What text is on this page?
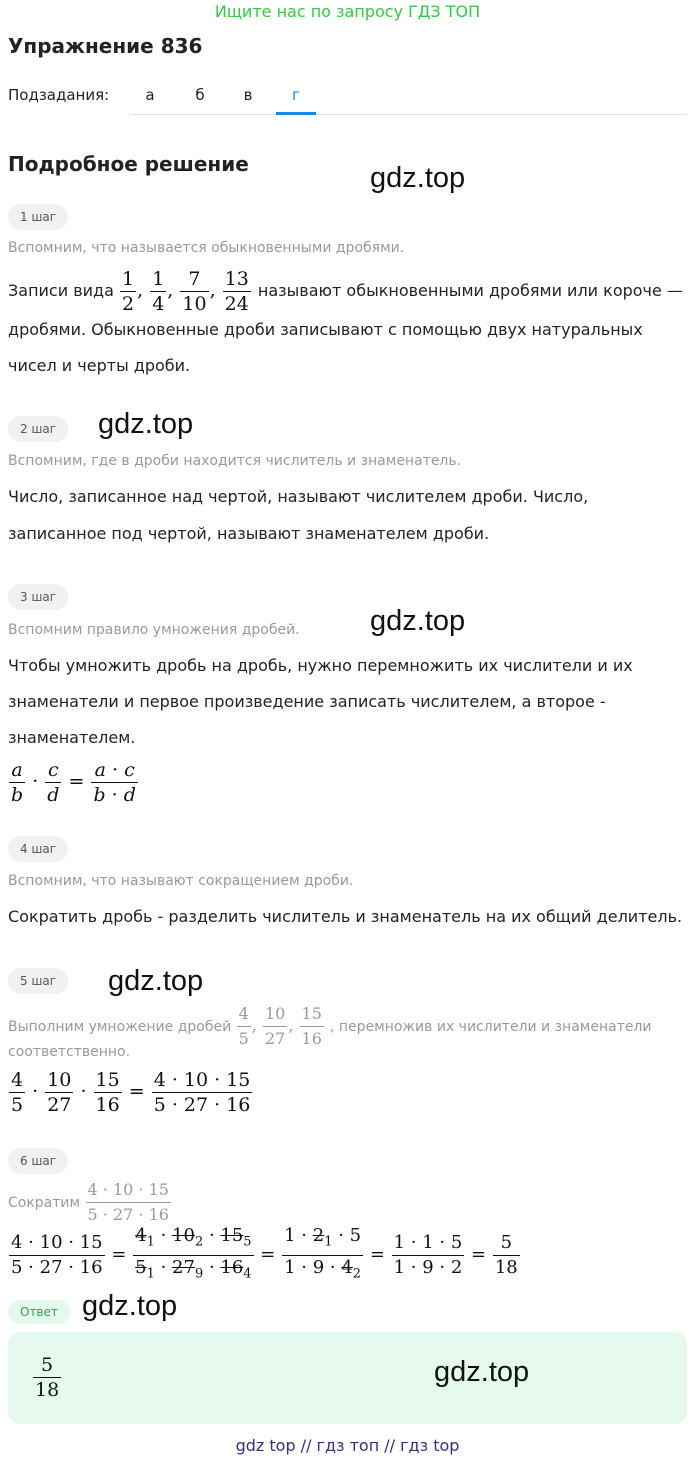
Ищите нас по запросу ГДЗ ТОП
Упражнение 836
Подзадания:	а	б	в	г
Подробное решение	gdz.top
1 шаг
Вспомним, что называется обыкновенными дробями.
Записи вида $\frac{1}{2}$ , $\frac{1}{4}$ , $\frac{7}{10}$ , $\frac{13}{24}$ называют обыкновенными дробями или короче —
дробями. Обыкновенные дроби записывают с помощью двух натуральных
чисел и черты дроби.
2 шаг	gdz.top
Вспомним, где в дроби находится числитель и знаменатель.
Число, записанное над чертой, называют числителем дроби. Число,
записанное под чертой, называют знаменателем дроби.
3 шаг
gdz.top
Вспомним правило умножения дробей.
Чтобы умножить дробь на дробь, нужно перемножить их числители и их
знаменатели и первое произведение записать числителем, а второе -
знаменателем.
$\frac{a}{b} \cdot \frac{c}{d} = \frac{a \cdot c}{b \cdot d}$
4 шаг
Вспомним, что называют сокращением дроби.
Сократить дробь - разделить числитель и знаменатель на их общий делитель.
5 шаг	gdz.top
Выполним умножение дробей $\frac{4}{5}$ , $\frac{10}{27}$ , $\frac{15}{16}$ , перемножив их числители и знаменатели
соответственно.
$\frac{4}{5} \cdot \frac{10}{27} \cdot \frac{15}{16} = \frac{4 \cdot 10 \cdot 15}{5 \cdot 27 \cdot 16}$
6 шаг
Сократим $\frac{4 \cdot 10 \cdot 15}{5 \cdot 27 \cdot 16}$
$\frac{4 \cdot 10 \cdot 15}{5 \cdot 27 \cdot 16} = \frac{4_1 \cdot 10_2 \cdot 15_5}{5_1 \cdot 27_9 \cdot 16_4} = \frac{1 \cdot 2_1 \cdot 5}{1 \cdot 9 \cdot 4_2} = \frac{1 \cdot 1 \cdot 5}{1 \cdot 9 \cdot 2} = \frac{5}{18}$
Ответ gdz.top
$\frac{5}{18}$	gdz.top
gdz top // гдз топ // гдз top
